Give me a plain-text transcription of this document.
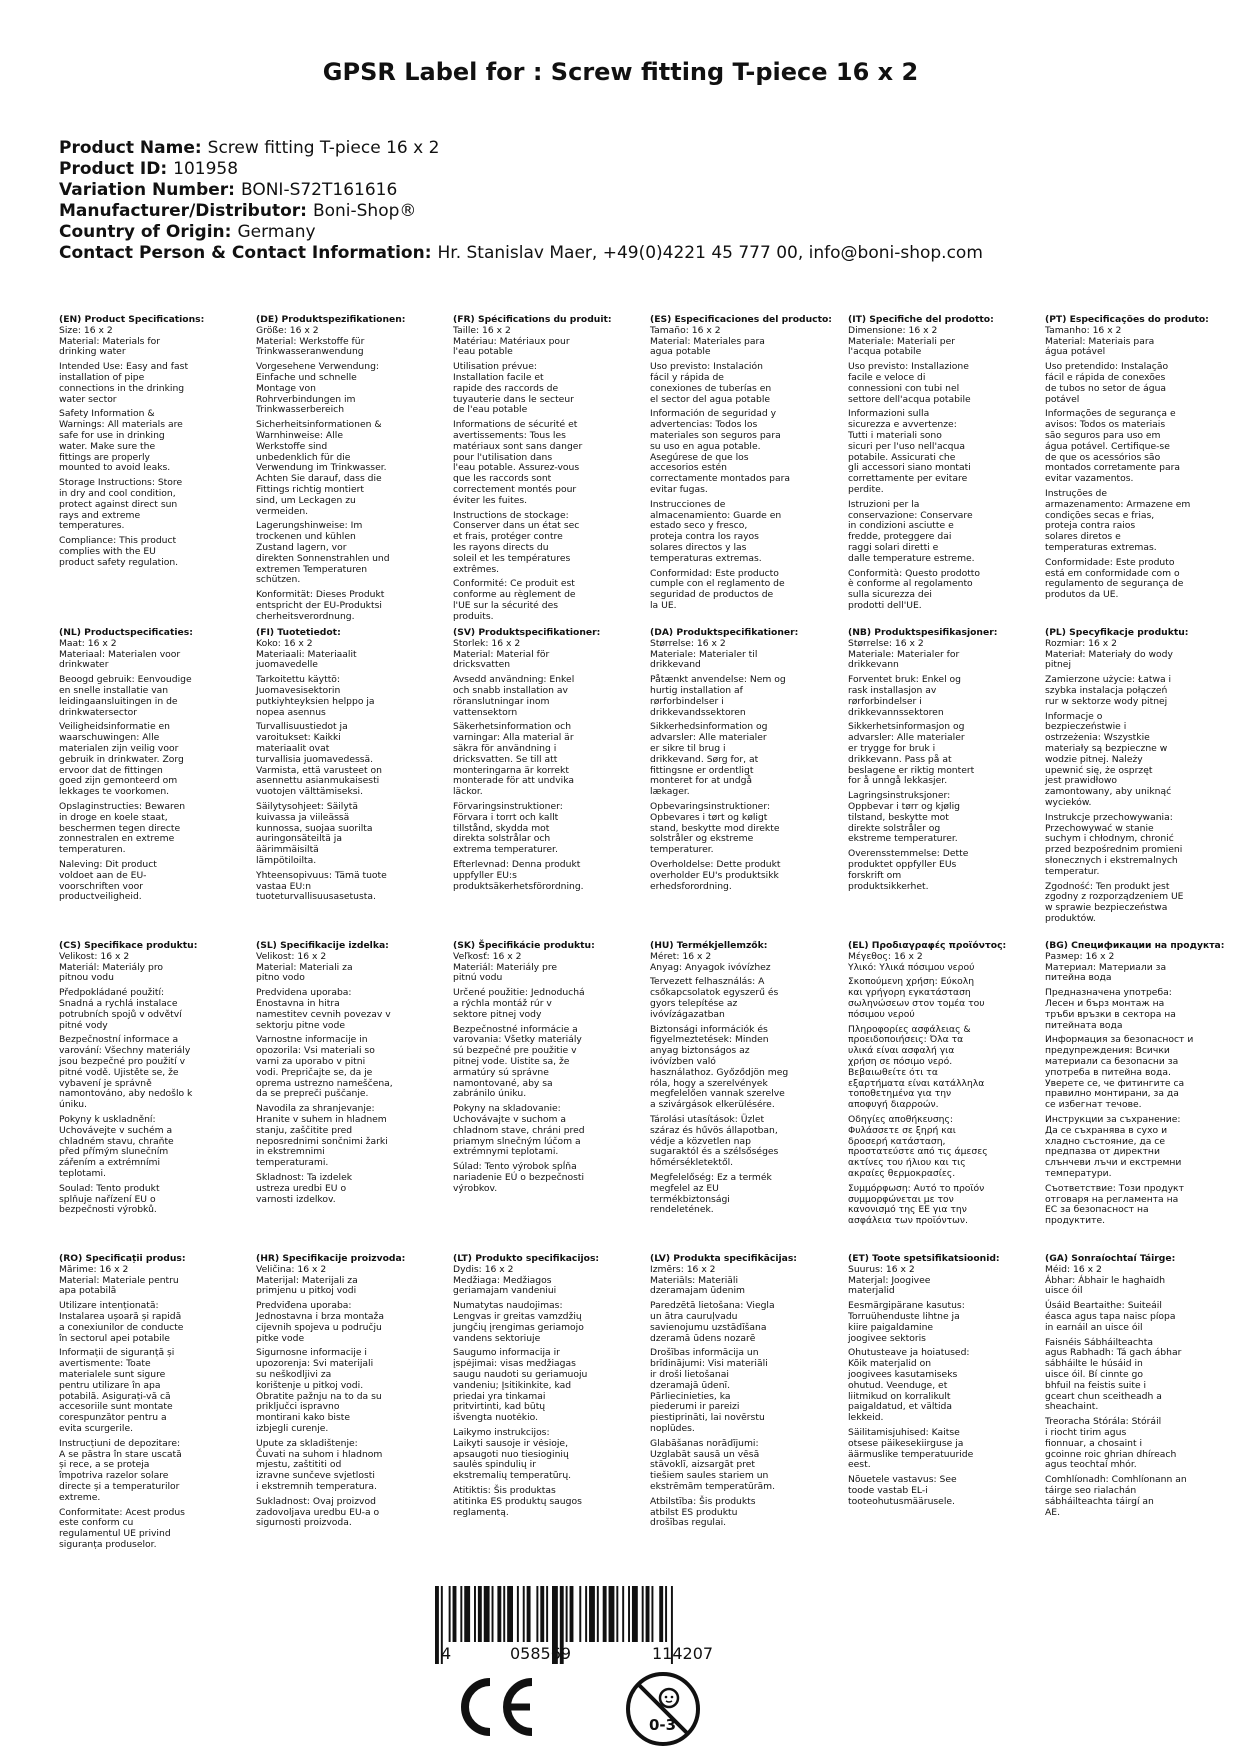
GPSR Label for : Screw fitting T-piece 16 x 2
Product Name: Screw fitting T-piece 16 x 2
Product ID: 101958
Variation Number: BONI-S72T161616
Manufacturer/Distributor: Boni-Shop®
Country of Origin: Germany
Contact Person & Contact Information: Hr. Stanislav Maer, +49(0)4221 45 777 00, info@boni-shop.com
(EN) Product Specifications:
Size: 16 x 2
Material: Materials for
drinking water
Intended Use: Easy and fast
installation of pipe
connections in the drinking
water sector
Safety Information &
Warnings: All materials are
safe for use in drinking
water. Make sure the
fittings are properly
mounted to avoid leaks.
Storage Instructions: Store
in dry and cool condition,
protect against direct sun
rays and extreme
temperatures.
Compliance: This product
complies with the EU
product safety regulation.
(DE) Produktspezifikationen:
Größe: 16 x 2
Material: Werkstoffe für
Trinkwasseranwendung
Vorgesehene Verwendung:
Einfache und schnelle
Montage von
Rohrverbindungen im
Trinkwasserbereich
Sicherheitsinformationen &
Warnhinweise: Alle
Werkstoffe sind
unbedenklich für die
Verwendung im Trinkwasser.
Achten Sie darauf, dass die
Fittings richtig montiert
sind, um Leckagen zu
vermeiden.
Lagerungshinweise: Im
trockenen und kühlen
Zustand lagern, vor
direkten Sonnenstrahlen und
extremen Temperaturen
schützen.
Konformität: Dieses Produkt
entspricht der EU-Produktsi
cherheitsverordnung.
(FR) Spécifications du produit:
Taille: 16 x 2
Matériau: Matériaux pour
l'eau potable
Utilisation prévue:
Installation facile et
rapide des raccords de
tuyauterie dans le secteur
de l'eau potable
Informations de sécurité et
avertissements: Tous les
matériaux sont sans danger
pour l'utilisation dans
l'eau potable. Assurez-vous
que les raccords sont
correctement montés pour
éviter les fuites.
Instructions de stockage:
Conserver dans un état sec
et frais, protéger contre
les rayons directs du
soleil et les températures
extrêmes.
Conformité: Ce produit est
conforme au règlement de
l'UE sur la sécurité des
produits.
(ES) Especificaciones del producto:
Tamaño: 16 x 2
Material: Materiales para
agua potable
Uso previsto: Instalación
fácil y rápida de
conexiones de tuberías en
el sector del agua potable
Información de seguridad y
advertencias: Todos los
materiales son seguros para
su uso en agua potable.
Asegúrese de que los
accesorios estén
correctamente montados para
evitar fugas.
Instrucciones de
almacenamiento: Guarde en
estado seco y fresco,
proteja contra los rayos
solares directos y las
temperaturas extremas.
Conformidad: Este producto
cumple con el reglamento de
seguridad de productos de
la UE.
(IT) Specifiche del prodotto:
Dimensione: 16 x 2
Materiale: Materiali per
l'acqua potabile
Uso previsto: Installazione
facile e veloce di
connessioni con tubi nel
settore dell'acqua potabile
Informazioni sulla
sicurezza e avvertenze:
Tutti i materiali sono
sicuri per l'uso nell'acqua
potabile. Assicurati che
gli accessori siano montati
correttamente per evitare
perdite.
Istruzioni per la
conservazione: Conservare
in condizioni asciutte e
fredde, proteggere dai
raggi solari diretti e
dalle temperature estreme.
Conformità: Questo prodotto
è conforme al regolamento
sulla sicurezza dei
prodotti dell'UE.
(PT) Especificações do produto:
Tamanho: 16 x 2
Material: Materiais para
água potável
Uso pretendido: Instalação
fácil e rápida de conexões
de tubos no setor de água
potável
Informações de segurança e
avisos: Todos os materiais
são seguros para uso em
água potável. Certifique-se
de que os acessórios são
montados corretamente para
evitar vazamentos.
Instruções de
armazenamento: Armazene em
condições secas e frias,
proteja contra raios
solares diretos e
temperaturas extremas.
Conformidade: Este produto
está em conformidade com o
regulamento de segurança de
produtos da UE.
(NL) Productspecificaties:
Maat: 16 x 2
Materiaal: Materialen voor
drinkwater
Beoogd gebruik: Eenvoudige
en snelle installatie van
leidingaansluitingen in de
drinkwatersector
Veiligheidsinformatie en
waarschuwingen: Alle
materialen zijn veilig voor
gebruik in drinkwater. Zorg
ervoor dat de fittingen
goed zijn gemonteerd om
lekkages te voorkomen.
Opslaginstructies: Bewaren
in droge en koele staat,
beschermen tegen directe
zonnestralen en extreme
temperaturen.
Naleving: Dit product
voldoet aan de EU-
voorschriften voor
productveiligheid.
(FI) Tuotetiedot:
Koko: 16 x 2
Materiaali: Materiaalit
juomavedelle
Tarkoitettu käyttö:
Juomavesisektorin
putkiyhteyksien helppo ja
nopea asennus
Turvallisuustiedot ja
varoitukset: Kaikki
materiaalit ovat
turvallisia juomavedessä.
Varmista, että varusteet on
asennettu asianmukaisesti
vuotojen välttämiseksi.
Säilytysohjeet: Säilytä
kuivassa ja viileässä
kunnossa, suojaa suorilta
auringonsäteiltä ja
äärimmäisiltä
lämpötiloilta.
Yhteensopivuus: Tämä tuote
vastaa EU:n
tuoteturvallisuusasetusta.
(SV) Produktspecifikationer:
Storlek: 16 x 2
Material: Material för
dricksvatten
Avsedd användning: Enkel
och snabb installation av
röranslutningar inom
vattensektorn
Säkerhetsinformation och
varningar: Alla material är
säkra för användning i
dricksvatten. Se till att
monteringarna är korrekt
monterade för att undvika
läckor.
Förvaringsinstruktioner:
Förvara i torrt och kallt
tillstånd, skydda mot
direkta solstrålar och
extrema temperaturer.
Efterlevnad: Denna produkt
uppfyller EU:s
produktsäkerhetsförordning.
(DA) Produktspecifikationer:
Størrelse: 16 x 2
Materiale: Materialer til
drikkevand
Påtænkt anvendelse: Nem og
hurtig installation af
rørforbindelser i
drikkevandssektoren
Sikkerhedsinformation og
advarsler: Alle materialer
er sikre til brug i
drikkevand. Sørg for, at
fittingsne er ordentligt
monteret for at undgå
lækager.
Opbevaringsinstruktioner:
Opbevares i tørt og køligt
stand, beskytte mod direkte
solstråler og ekstreme
temperaturer.
Overholdelse: Dette produkt
overholder EU's produktsikk
erhedsforordning.
(NB) Produktspesifikasjoner:
Størrelse: 16 x 2
Materiale: Materialer for
drikkevann
Forventet bruk: Enkel og
rask installasjon av
rørforbindelser i
drikkevannssektoren
Sikkerhetsinformasjon og
advarsler: Alle materialer
er trygge for bruk i
drikkevann. Pass på at
beslagene er riktig montert
for å unngå lekkasjer.
Lagringsinstruksjoner:
Oppbevar i tørr og kjølig
tilstand, beskytte mot
direkte solstråler og
ekstreme temperaturer.
Overensstemmelse: Dette
produktet oppfyller EUs
forskrift om
produktsikkerhet.
(PL) Specyfikacje produktu:
Rozmiar: 16 x 2
Materiał: Materiały do wody
pitnej
Zamierzone użycie: Łatwa i
szybka instalacja połączeń
rur w sektorze wody pitnej
Informacje o
bezpieczeństwie i
ostrzeżenia: Wszystkie
materiały są bezpieczne w
wodzie pitnej. Należy
upewnić się, że osprzęt
jest prawidłowo
zamontowany, aby uniknąć
wycieków.
Instrukcje przechowywania:
Przechowywać w stanie
suchym i chłodnym, chronić
przed bezpośrednim promieni
słonecznych i ekstremalnych
temperatur.
Zgodność: Ten produkt jest
zgodny z rozporządzeniem UE
w sprawie bezpieczeństwa
produktów.
(CS) Specifikace produktu:
Velikost: 16 x 2
Materiál: Materiály pro
pitnou vodu
Předpokládané použití:
Snadná a rychlá instalace
potrubních spojů v odvětví
pitné vody
Bezpečnostní informace a
varování: Všechny materiály
jsou bezpečné pro použití v
pitné vodě. Ujistěte se, že
vybavení je správně
namontováno, aby nedošlo k
úniku.
Pokyny k uskladnění:
Uchovávejte v suchém a
chladném stavu, chraňte
před přímým slunečním
zářením a extrémními
teplotami.
Soulad: Tento produkt
splňuje nařízení EU o
bezpečnosti výrobků.
(SL) Specifikacije izdelka:
Velikost: 16 x 2
Material: Materiali za
pitno vodo
Predvidena uporaba:
Enostavna in hitra
namestitev cevnih povezav v
sektorju pitne vode
Varnostne informacije in
opozorila: Vsi materiali so
varni za uporabo v pitni
vodi. Prepričajte se, da je
oprema ustrezno nameščena,
da se prepreči puščanje.
Navodila za shranjevanje:
Hranite v suhem in hladnem
stanju, zaščitite pred
neposrednimi sončnimi žarki
in ekstremnimi
temperaturami.
Skladnost: Ta izdelek
ustreza uredbi EU o
varnosti izdelkov.
(SK) Špecifikácie produktu:
Veľkosť: 16 x 2
Materiál: Materiály pre
pitnú vodu
Určené použitie: Jednoduchá
a rýchla montáž rúr v
sektore pitnej vody
Bezpečnostné informácie a
varovania: Všetky materiály
sú bezpečné pre použitie v
pitnej vode. Uistite sa, že
armatúry sú správne
namontované, aby sa
zabránilo úniku.
Pokyny na skladovanie:
Uchovávajte v suchom a
chladnom stave, chráni pred
priamym slnečným lúčom a
extrémnymi teplotami.
Súlad: Tento výrobok spĺňa
nariadenie EÚ o bezpečnosti
výrobkov.
(HU) Termékjellemzők:
Méret: 16 x 2
Anyag: Anyagok ivóvízhez
Tervezett felhasználás: A
csőkapcsolatok egyszerű és
gyors telepítése az
ivóvízágazatban
Biztonsági információk és
figyelmeztetések: Minden
anyag biztonságos az
ivóvízben való
használathoz. Győződjön meg
róla, hogy a szerelvények
megfelelően vannak szerelve
a szivárgások elkerülésére.
Tárolási utasítások: Üzlet
száraz és hűvös állapotban,
védje a közvetlen nap
sugaraktól és a szélsőséges
hőmérsékletektől.
Megfelelőség: Ez a termék
megfelel az EU
termékbiztonsági
rendeletének.
(EL) Προδιαγραφές προϊόντος:
Μέγεθος: 16 x 2
Υλικό: Υλικά πόσιμου νερού
Σκοπούμενη χρήση: Εύκολη
και γρήγορη εγκατάσταση
σωληνώσεων στον τομέα του
πόσιμου νερού
Πληροφορίες ασφάλειας &
προειδοποιήσεις: Όλα τα
υλικά είναι ασφαλή για
χρήση σε πόσιμο νερό.
Βεβαιωθείτε ότι τα
εξαρτήματα είναι κατάλληλα
τοποθετημένα για την
αποφυγή διαρροών.
Οδηγίες αποθήκευσης:
Φυλάσσετε σε ξηρή και
δροσερή κατάσταση,
προστατεύστε από τις άμεσες
ακτίνες του ήλιου και τις
ακραίες θερμοκρασίες.
Συμμόρφωση: Αυτό το προϊόν
συμμορφώνεται με τον
κανονισμό της ΕΕ για την
ασφάλεια των προϊόντων.
(BG) Спецификации на продукта:
Размер: 16 x 2
Материал: Материали за
питейна вода
Предназначена употреба:
Лесен и бърз монтаж на
тръби връзки в сектора на
питейната вода
Информация за безопасност и
предупреждения: Всички
материали са безопасни за
употреба в питейна вода.
Уверете се, че фитингите са
правилно монтирани, за да
се избегнат течове.
Инструкции за съхранение:
Да се съхранява в сухо и
хладно състояние, да се
предпазва от директни
слънчеви лъчи и екстремни
температури.
Съответствие: Този продукт
отговаря на регламента на
ЕС за безопасност на
продуктите.
(RO) Specificații produs:
Mărime: 16 x 2
Material: Materiale pentru
apa potabilă
Utilizare intenționată:
Instalarea ușoară și rapidă
a conexiunilor de conducte
în sectorul apei potabile
Informații de siguranță și
avertismente: Toate
materialele sunt sigure
pentru utilizare în apa
potabilă. Asigurați-vă că
accesoriile sunt montate
corespunzător pentru a
evita scurgerile.
Instrucțiuni de depozitare:
A se păstra în stare uscată
și rece, a se proteja
împotriva razelor solare
directe și a temperaturilor
extreme.
Conformitate: Acest produs
este conform cu
regulamentul UE privind
siguranța produselor.
(HR) Specifikacije proizvoda:
Veličina: 16 x 2
Materijal: Materijali za
primjenu u pitkoj vodi
Predviđena uporaba:
Jednostavna i brza montaža
cijevnih spojeva u području
pitke vode
Sigurnosne informacije i
upozorenja: Svi materijali
su neškodljivi za
korištenje u pitkoj vodi.
Obratite pažnju na to da su
priključci ispravno
montirani kako biste
izbjegli curenje.
Upute za skladištenje:
Čuvati na suhom i hladnom
mjestu, zaštititi od
izravne sunčeve svjetlosti
i ekstremnih temperatura.
Sukladnost: Ovaj proizvod
zadovoljava uredbu EU-a o
sigurnosti proizvoda.
(LT) Produkto specifikacijos:
Dydis: 16 x 2
Medžiaga: Medžiagos
geriamajam vandeniui
Numatytas naudojimas:
Lengvas ir greitas vamzdžių
jungčių įrengimas geriamojo
vandens sektoriuje
Saugumo informacija ir
įspėjimai: visas medžiagas
saugu naudoti su geriamuoju
vandeniu; Įsitikinkite, kad
priedai yra tinkamai
pritvirtinti, kad būtų
išvengta nuotėkio.
Laikymo instrukcijos:
Laikyti sausoje ir vėsioje,
apsaugoti nuo tiesioginių
saulės spindulių ir
ekstremalių temperatūrų.
Atitiktis: Šis produktas
atitinka ES produktų saugos
reglamentą.
(LV) Produkta specifikācijas:
Izmērs: 16 x 2
Materiāls: Materiāli
dzeramajam ūdenim
Paredzētā lietošana: Viegla
un ātra cauruļvadu
savienojumu uzstādīšana
dzeramā ūdens nozarē
Drošības informācija un
brīdinājumi: Visi materiāli
ir droši lietošanai
dzeramajā ūdenī.
Pārliecinieties, ka
piederumi ir pareizi
piestiprināti, lai novērstu
noplūdes.
Glabāšanas norādījumi:
Uzglabāt sausā un vēsā
stāvoklī, aizsargāt pret
tiešiem saules stariem un
ekstrēmām temperatūrām.
Atbilstība: Šis produkts
atbilst ES produktu
drošības regulai.
(ET) Toote spetsifikatsioonid:
Suurus: 16 x 2
Materjal: Joogivee
materjalid
Eesmärgipärane kasutus:
Torruühenduste lihtne ja
kiire paigaldamine
joogivee sektoris
Ohutusteave ja hoiatused:
Kõik materjalid on
joogivees kasutamiseks
ohutud. Veenduge, et
liitmikud on korralikult
paigaldatud, et vältida
lekkeid.
Säilitamisjuhised: Kaitse
otsese päikesekiirguse ja
äärmuslike temperatuuride
eest.
Nõuetele vastavus: See
toode vastab EL-i
tooteohutusmäärusele.
(GA) Sonraíochtaí Táirge:
Méid: 16 x 2
Ábhar: Ábhair le haghaidh
uisce óil
Úsáid Beartaithe: Suiteáil
éasca agus tapa naisc píopa
in earnáil an uisce óil
Faisnéis Sábháilteachta
agus Rabhadh: Tá gach ábhar
sábháilte le húsáid in
uisce óil. Bí cinnte go
bhfuil na feistis suite i
gceart chun sceitheadh a
sheachaint.
Treoracha Stórála: Stóráil
i riocht tirim agus
fionnuar, a chosaint i
gcoinne roic ghrian dhíreach
agus teochtaí mhór.
Comhlíonadh: Comhlíonann an
táirge seo rialachán
sábháilteachta táirgí an
AE.
4	058569	114207
0-3
